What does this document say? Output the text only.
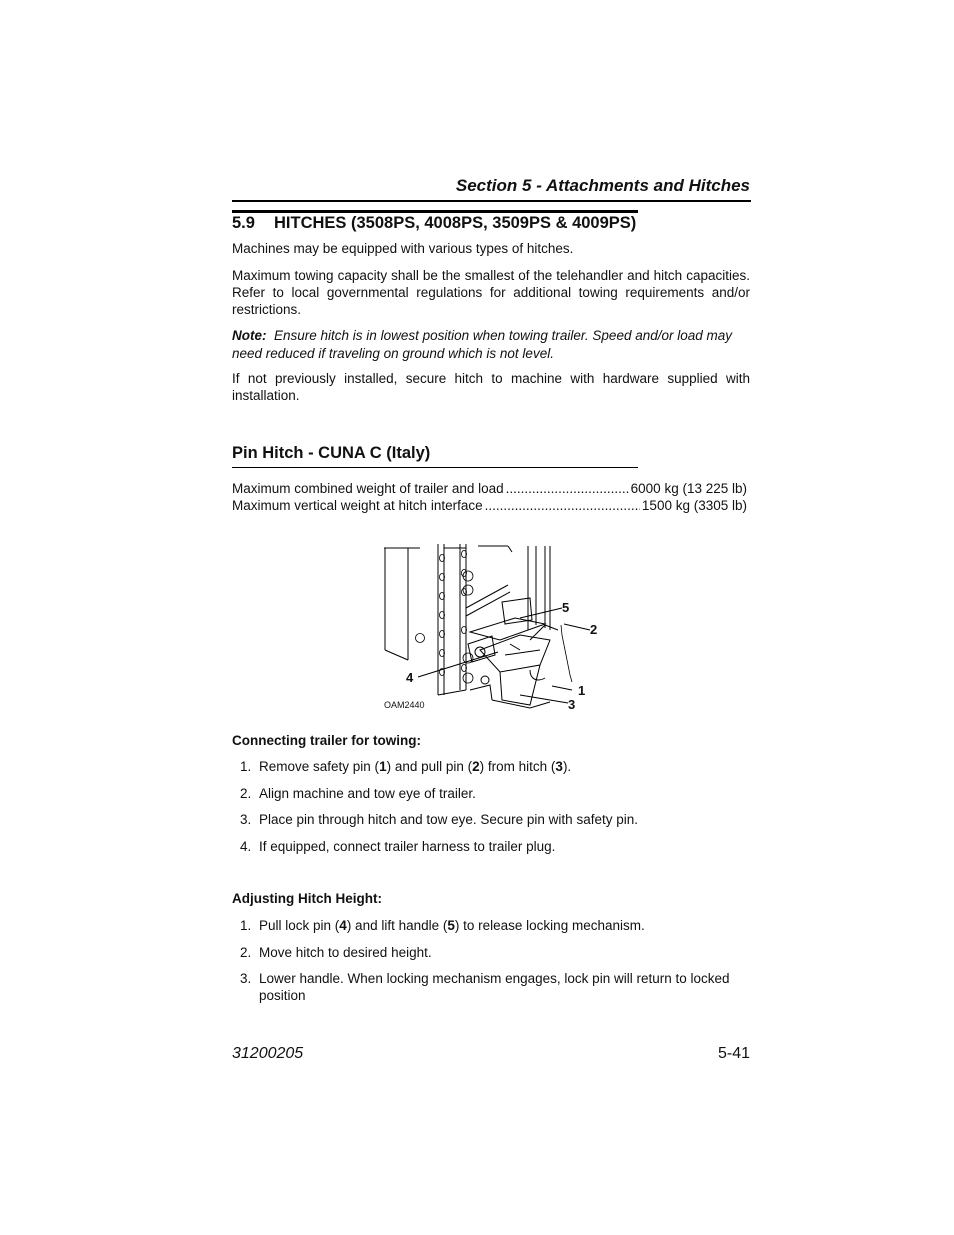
Section 5 - Attachments and Hitches
5.9 HITCHES (3508PS, 4008PS, 3509PS & 4009PS)
Machines may be equipped with various types of hitches.
Maximum towing capacity shall be the smallest of the telehandler and hitch capacities. Refer to local governmental regulations for additional towing requirements and/or restrictions.
Note: Ensure hitch is in lowest position when towing trailer. Speed and/or load may need reduced if traveling on ground which is not level.
If not previously installed, secure hitch to machine with hardware supplied with installation.
Pin Hitch - CUNA C (Italy)
Maximum combined weight of trailer and load .....	6000 kg (13 225 lb)
Maximum vertical weight at hitch interface .....	1500 kg (3305 lb)
5
2
4
1
3
OAM2440
Connecting trailer for towing:
1. Remove safety pin (1) and pull pin (2) from hitch (3).
2. Align machine and tow eye of trailer.
3. Place pin through hitch and tow eye. Secure pin with safety pin.
4. If equipped, connect trailer harness to trailer plug.
Adjusting Hitch Height:
1. Pull lock pin (4) and lift handle (5) to release locking mechanism.
2. Move hitch to desired height.
3. Lower handle. When locking mechanism engages, lock pin will return to locked position
31200205	5-41
